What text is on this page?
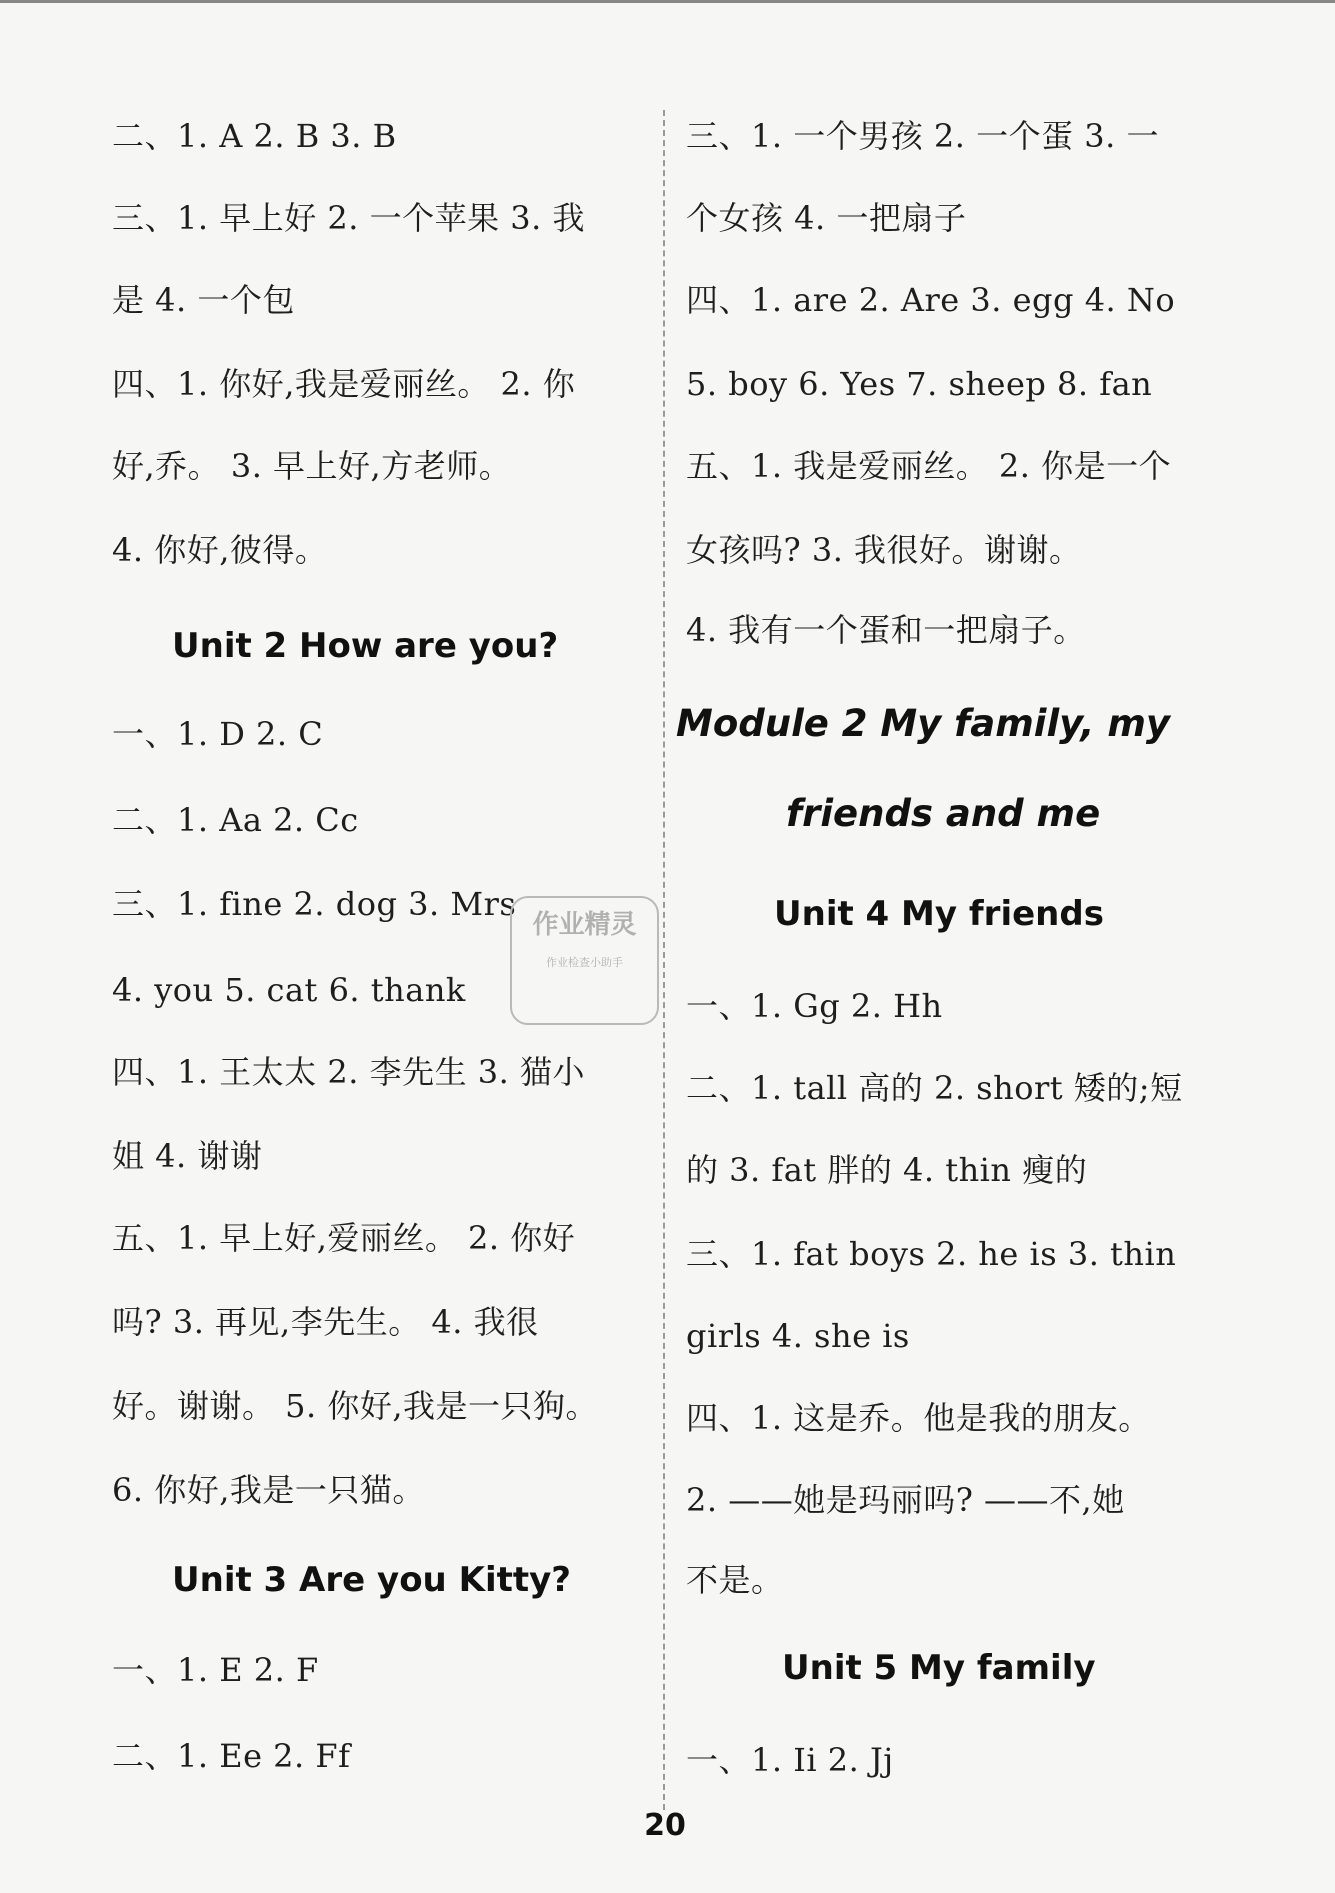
二、1. A 2. B 3. B
三、1. 早上好 2. 一个苹果 3. 我
是 4. 一个包
四、1. 你好,我是爱丽丝。 2. 你
好,乔。 3. 早上好,方老师。
4. 你好,彼得。
Unit 2 How are you?
一、1. D 2. C
二、1. Aa 2. Cc
三、1. fine 2. dog 3. Mrs
4. you 5. cat 6. thank
四、1. 王太太 2. 李先生 3. 猫小
姐 4. 谢谢
五、1. 早上好,爱丽丝。 2. 你好
吗? 3. 再见,李先生。 4. 我很
好。谢谢。 5. 你好,我是一只狗。
6. 你好,我是一只猫。
Unit 3 Are you Kitty?
一、1. E 2. F
二、1. Ee 2. Ff
三、1. 一个男孩 2. 一个蛋 3. 一
个女孩 4. 一把扇子
四、1. are 2. Are 3. egg 4. No
5. boy 6. Yes 7. sheep 8. fan
五、1. 我是爱丽丝。 2. 你是一个
女孩吗? 3. 我很好。谢谢。
4. 我有一个蛋和一把扇子。
Module 2 My family, my
friends and me
Unit 4 My friends
一、1. Gg 2. Hh
二、1. tall 高的 2. short 矮的;短
的 3. fat 胖的 4. thin 瘦的
三、1. fat boys 2. he is 3. thin
girls 4. she is
四、1. 这是乔。他是我的朋友。
2. ——她是玛丽吗? ——不,她
不是。
Unit 5 My family
一、1. Ii 2. Jj
作业精灵
作业检查小助手
20
